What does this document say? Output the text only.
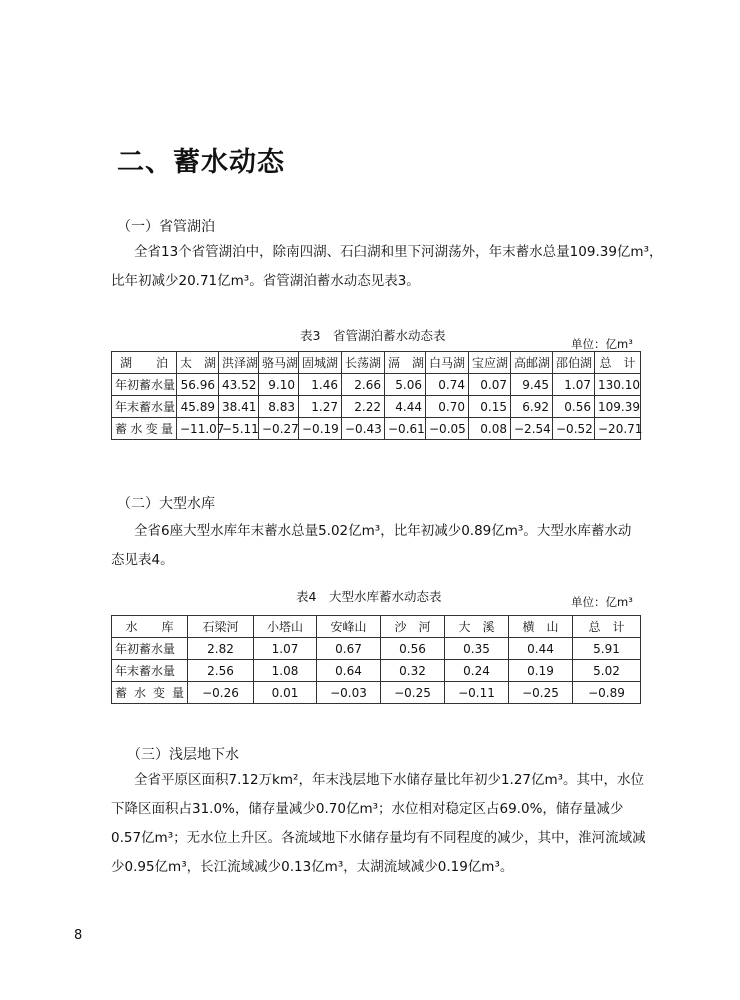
二、蓄水动态
（一）省管湖泊

全省13个省管湖泊中，除南四湖、石臼湖和里下河湖荡外，年末蓄水总量109.39亿m³，

比年初减少20.71亿m³。省管湖泊蓄水动态见表3。

表3　省管湖泊蓄水动态表
单位：亿m³
湖　　泊	太　湖	洪泽湖	骆马湖	固城湖	长荡湖	滆　湖	白马湖	宝应湖	高邮湖	邵伯湖	总　计
年初蓄水量	56.96	43.52	9.10	1.46	2.66	5.06	0.74	0.07	9.45	1.07	130.10
年末蓄水量	45.89	38.41	8.83	1.27	2.22	4.44	0.70	0.15	6.92	0.56	109.39
蓄水变量	−11.07	−5.11	−0.27	−0.19	−0.43	−0.61	−0.05	0.08	−2.54	−0.52	−20.71
（二）大型水库

全省6座大型水库年末蓄水总量5.02亿m³，比年初减少0.89亿m³。大型水库蓄水动

态见表4。

表4　大型水库蓄水动态表	单位：亿m³
水　　库	石梁河	小塔山	安峰山	沙　河	大　溪	横　山	总　计
年初蓄水量	2.82	1.07	0.67	0.56	0.35	0.44	5.91
年末蓄水量	2.56	1.08	0.64	0.32	0.24	0.19	5.02
蓄水变量	−0.26	0.01	−0.03	−0.25	−0.11	−0.25	−0.89
（三）浅层地下水

全省平原区面积7.12万km²，年末浅层地下水储存量比年初少1.27亿m³。其中，水位

下降区面积占31.0%，储存量减少0.70亿m³；水位相对稳定区占69.0%，储存量减少

0.57亿m³；无水位上升区。各流域地下水储存量均有不同程度的减少，其中，淮河流域减

少0.95亿m³，长江流域减少0.13亿m³，太湖流域减少0.19亿m³。

8
